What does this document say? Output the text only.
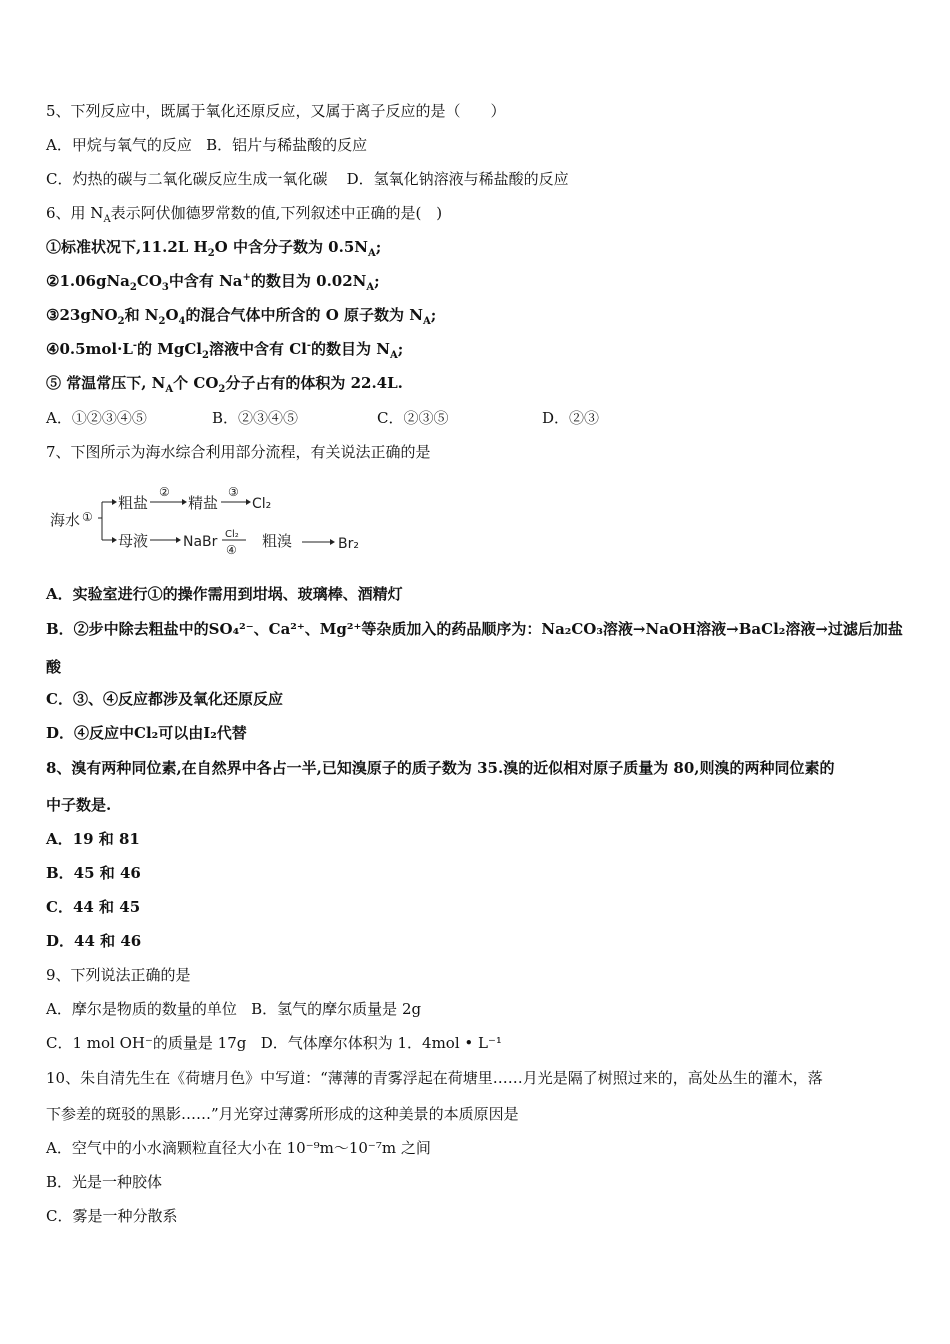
5、下列反应中，既属于氧化还原反应，又属于离子反应的是（　　）
A．甲烷与氧气的反应 B．铝片与稀盐酸的反应
C．灼热的碳与二氧化碳反应生成一氧化碳 D．氢氧化钠溶液与稀盐酸的反应
6、用 $N_A$表示阿伏伽德罗常数的值,下列叙述中正确的是(　)
①标准状况下,11.2L $H_2O$ 中含分子数为 $0.5N_A$;
$②1.06gNa_2CO_3$中含有 Na+的数目为 $0.02N_A$;
③23gNO$_2$和 $N_2O_4$的混合气体中所含的 O 原子数为 $N_A$;
④0.5mol·L-的 MgCl$_2$溶液中含有 Cl-的数目为 $N_A$;
⑤ 常温常压下, $N_A$个 $CO_2$分子占有的体积为 22.4L.
A．①②③④⑤	B．②③④⑤	C．②③⑤	D．②③
7、下图所示为海水综合利用部分流程，有关说法正确的是
海水 ①
粗盐
②
精盐
③
Cl₂
母液 NaBr Cl₂
④ 粗溴	Br₂
A．实验室进行①的操作需用到坩埚、玻璃棒、酒精灯
B．②步中除去粗盐中的SO₄²⁻、Ca²⁺、Mg²⁺等杂质加入的药品顺序为：Na₂CO₃溶液→NaOH溶液→BaCl₂溶液→过滤后加盐
酸
C．③、④反应都涉及氧化还原反应
D．④反应中Cl₂可以由I₂代替
8、溴有两种同位素,在自然界中各占一半,已知溴原子的质子数为 35.溴的近似相对原子质量为 80,则溴的两种同位素的
中子数是.
A．19 和 81
B．45 和 46
C．44 和 45
D．44 和 46
9、下列说法正确的是
A．摩尔是物质的数量的单位 B．氢气的摩尔质量是 2g
C．1 mol OH⁻的质量是 17g D．气体摩尔体积为 1．4mol • L⁻¹
10、朱自清先生在《荷塘月色》中写道：“薄薄的青雾浮起在荷塘里……月光是隔了树照过来的，高处丛生的灌木，落
下参差的斑驳的黑影……”月光穿过薄雾所形成的这种美景的本质原因是
A．空气中的小水滴颗粒直径大小在 10⁻⁹m～10⁻⁷m 之间
B．光是一种胶体
C．雾是一种分散系
